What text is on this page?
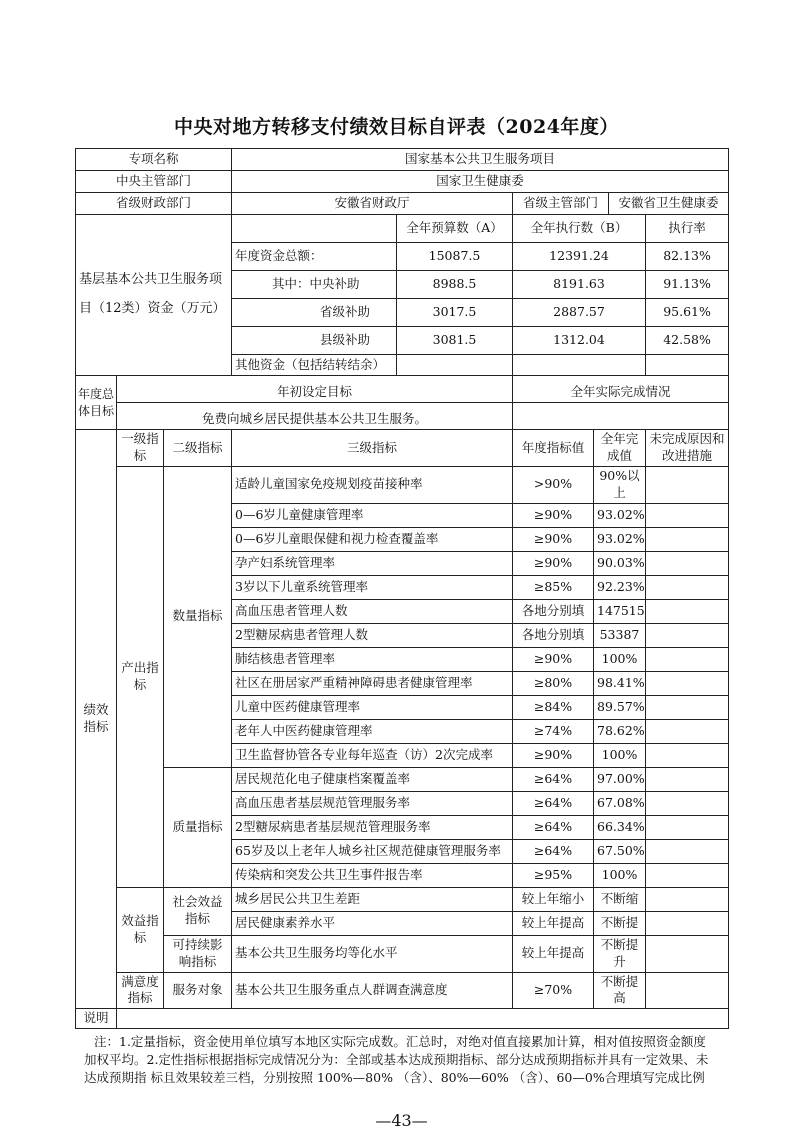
中央对地方转移支付绩效目标自评表（2024年度）
专项名称	国家基本公共卫生服务项目				
中央主管部门	国家卫生健康委				
省级财政部门	安徽省财政厅		省级主管部门	安徽省卫生健康委	
基层基本公共卫生服务项目（12类）资金（万元）		全年预算数（A）	全年执行数（B）		执行率
	年度资金总额：	15087.5	12391.24		82.13%
	其中：中央补助	8988.5	8191.63		91.13%
	省级补助	3017.5	2887.57		95.61%
	县级补助	3081.5	1312.04		42.58%
	其他资金（包括结转结余）				
年度总体目标	年初设定目标	全年实际完成情况
	免费向城乡居民提供基本公共卫生服务。	
绩效指标	一级指标	二级指标	三级指标	年度指标值	全年完成值	未完成原因和改进措施
	产出指标	数量指标	适龄儿童国家免疫规划疫苗接种率	>90%	90%以上	
			0—6岁儿童健康管理率	≥90%	93.02%	
			0—6岁儿童眼保健和视力检查覆盖率	≥90%	93.02%	
			孕产妇系统管理率	≥90%	90.03%	
			3岁以下儿童系统管理率	≥85%	92.23%	
			高血压患者管理人数	各地分别填	147515	
			2型糖尿病患者管理人数	各地分别填	53387	
			肺结核患者管理率	≥90%	100%	
			社区在册居家严重精神障碍患者健康管理率	≥80%	98.41%	
			儿童中医药健康管理率	≥84%	89.57%	
			老年人中医药健康管理率	≥74%	78.62%	
			卫生监督协管各专业每年巡查（访）2次完成率	≥90%	100%	
		质量指标	居民规范化电子健康档案覆盖率	≥64%	97.00%	
			高血压患者基层规范管理服务率	≥64%	67.08%	
			2型糖尿病患者基层规范管理服务率	≥64%	66.34%	
			65岁及以上老年人城乡社区规范健康管理服务率	≥64%	67.50%	
			传染病和突发公共卫生事件报告率	≥95%	100%	
	效益指标	社会效益指标	城乡居民公共卫生差距	较上年缩小	不断缩	
			居民健康素养水平	较上年提高	不断提	
		可持续影响指标	基本公共卫生服务均等化水平	较上年提高	不断提升	
	满意度指标	服务对象	基本公共卫生服务重点人群调查满意度	≥70%	不断提高	
说明						
注：1.定量指标，资金使用单位填写本地区实际完成数。汇总时，对绝对值直接累加计算，相对值按照资金额度加权平均。2.定性指标根据指标完成情况分为：全部或基本达成预期指标、部分达成预期指标并具有一定效果、未达成预期指 标且效果较差三档，分别按照 100%—80% （含）、80%—60% （含）、60—0%合理填写完成比例
—43—
